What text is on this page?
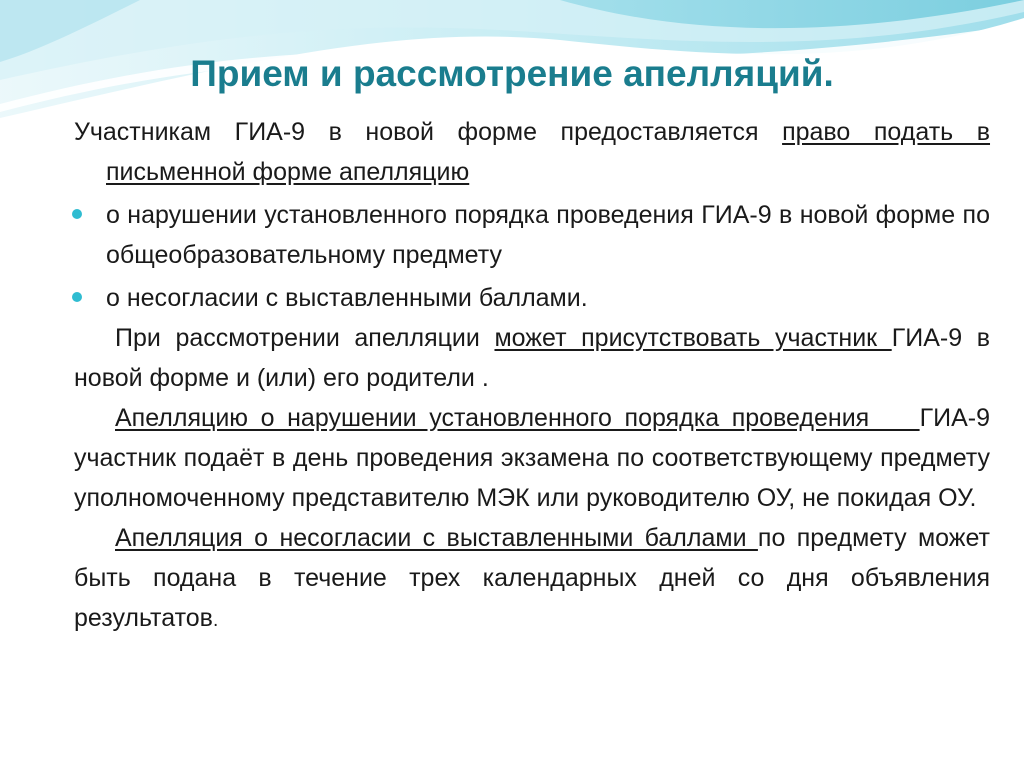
Прием и рассмотрение апелляций.

Участникам ГИА-9 в новой форме предоставляется право подать в письменной форме апелляцию

о нарушении установленного порядка проведения ГИА-9 в новой форме по общеобразовательному предмету

о несогласии с выставленными баллами.

При рассмотрении апелляции может присутствовать участник ГИА-9 в новой форме и (или) его родители .

Апелляцию о нарушении установленного порядка проведения    ГИА-9 участник подаёт в день проведения экзамена по соответствующему предмету уполномоченному представителю МЭК или руководителю ОУ, не покидая ОУ.

Апелляция о несогласии с выставленными баллами по предмету может быть подана в течение трех календарных дней со дня объявления результатов.
